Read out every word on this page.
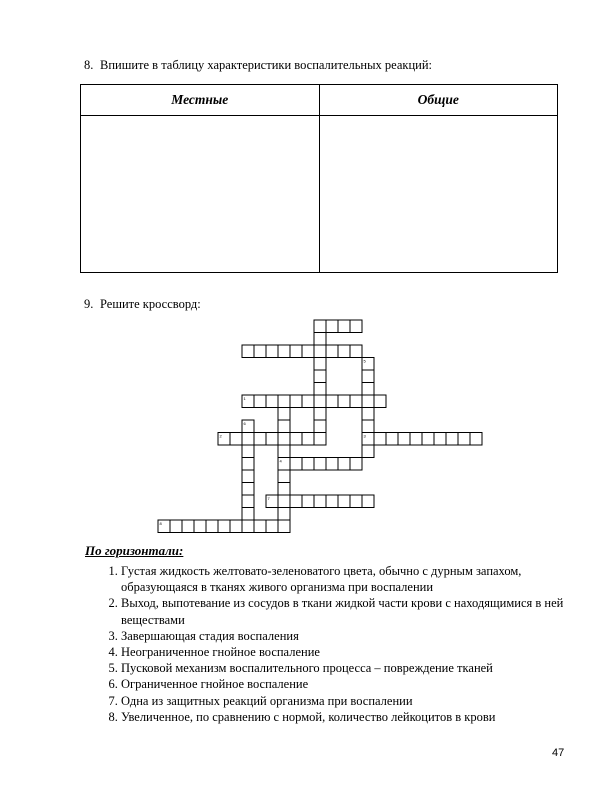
8. Впишите в таблицу характеристики воспалительных реакций:
Местные	Общие

9. Решите кроссворд:
1
2	3
4
7
8
5
6
По горизонтали:
1. Густая жидкость желтовато-зеленоватого цвета, обычно с дурным запахом, образующаяся в тканях живого организма при воспалении
2. Выход, выпотевание из сосудов в ткани жидкой части крови с находящимися в ней веществами
3. Завершающая стадия воспаления
4. Неограниченное гнойное воспаление
5. Пусковой механизм воспалительного процесса – повреждение тканей
6. Ограниченное гнойное воспаление
7. Одна из защитных реакций организма при воспалении
8. Увеличенное, по сравнению с нормой, количество лейкоцитов в крови
47
